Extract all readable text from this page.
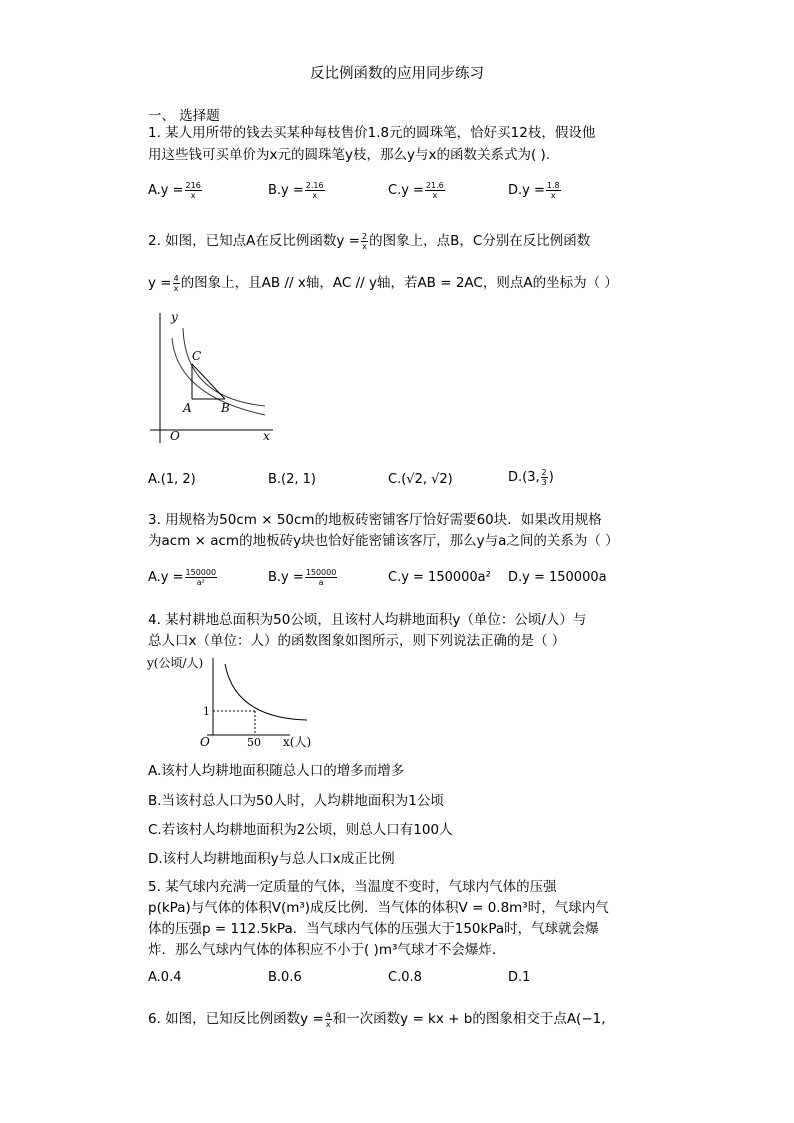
反比例函数的应用同步练习
一、 选择题
1. 某人用所带的钱去买某种每枝售价1.8元的圆珠笔，恰好买12枝，假设他
用这些钱可买单价为x元的圆珠笔y枝，那么y与x的函数关系式为( ).
$A.y = \frac{216}{x}$	$B.y = \frac{2.16}{x}$	$C.y = \frac{21.6}{x}$	$D.y = \frac{1.8}{x}$
2. 如图，已知点A在反比例函数$y = \frac{2}{x}$ 的图象上，点B，C分别在反比例函数
$y = \frac{4}{x}$ 的图象上，且AB // x轴，AC // y轴，若AB = 2AC，则点A的坐标为（ ）
y
x
O
A B
C
A.(1, 2)	B.(2, 1)	C.(√2, √2)	D.(3, $\frac{2}{3}$ )
3. 用规格为50cm × 50cm的地板砖密铺客厅恰好需要60块．如果改用规格
为acm × acm的地板砖y块也恰好能密铺该客厅，那么y与a之间的关系为（ ）
$A.y = \frac{150000}{\text{a²}}$	$B.y = \frac{150000}{a}$	C.y = 150000a² D.y = 150000a
4. 某村耕地总面积为50公顷，且该村人均耕地面积y（单位：公顷/人）与
总人口x（单位：人）的函数图象如图所示，则下列说法正确的是（ ）
y(公顷/人)
x(人)
O
1
50
A.该村人均耕地面积随总人口的增多而增多
B.当该村总人口为50人时，人均耕地面积为1公顷
C.若该村人均耕地面积为2公顷，则总人口有100人
D.该村人均耕地面积y与总人口x成正比例
5. 某气球内充满一定质量的气体，当温度不变时，气球内气体的压强
p(kPa)与气体的体积V(m³)成反比例．当气体的体积V = 0.8m³时，气球内气
体的压强p = 112.5kPa．当气球内气体的压强大于150kPa时，气球就会爆
炸．那么气球内气体的体积应不小于( )m³气球才不会爆炸．
A.0.4	B.0.6	C.0.8	D.1
6. 如图，已知反比例函数$y = \frac{a}{x}$ 和一次函数y = kx + b的图象相交于点A(−1,
